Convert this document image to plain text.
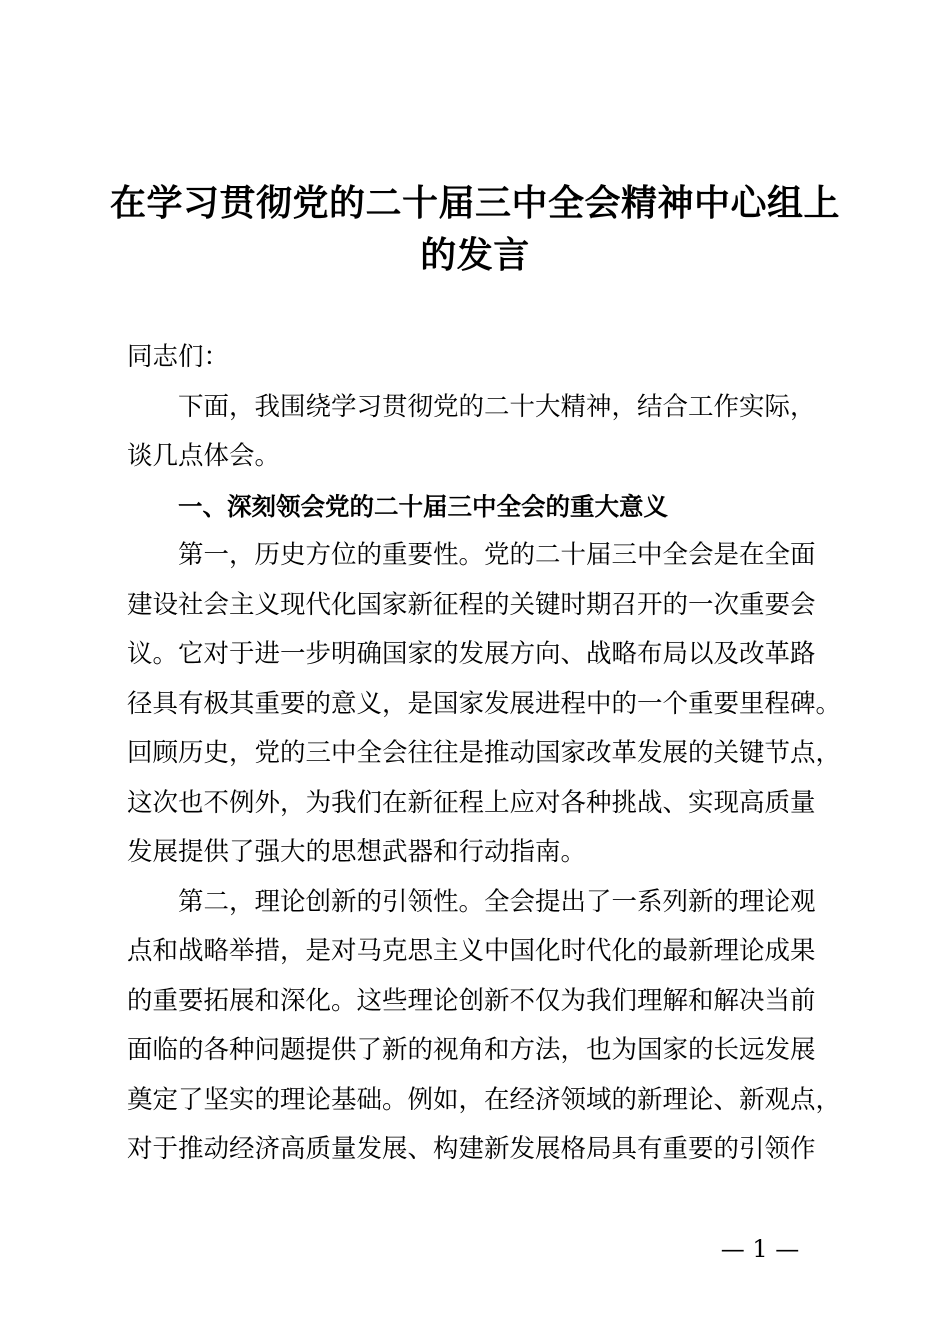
在学习贯彻党的二十届三中全会精神中心组上
的发言
同志们：
下面，我围绕学习贯彻党的二十大精神，结合工作实际，
谈几点体会。
一、深刻领会党的二十届三中全会的重大意义
第一，历史方位的重要性。党的二十届三中全会是在全面
建设社会主义现代化国家新征程的关键时期召开的一次重要会
议。它对于进一步明确国家的发展方向、战略布局以及改革路
径具有极其重要的意义，是国家发展进程中的一个重要里程碑。
回顾历史，党的三中全会往往是推动国家改革发展的关键节点，
这次也不例外，为我们在新征程上应对各种挑战、实现高质量
发展提供了强大的思想武器和行动指南。
第二，理论创新的引领性。全会提出了一系列新的理论观
点和战略举措，是对马克思主义中国化时代化的最新理论成果
的重要拓展和深化。这些理论创新不仅为我们理解和解决当前
面临的各种问题提供了新的视角和方法，也为国家的长远发展
奠定了坚实的理论基础。例如，在经济领域的新理论、新观点，
对于推动经济高质量发展、构建新发展格局具有重要的引领作
— 1 —
